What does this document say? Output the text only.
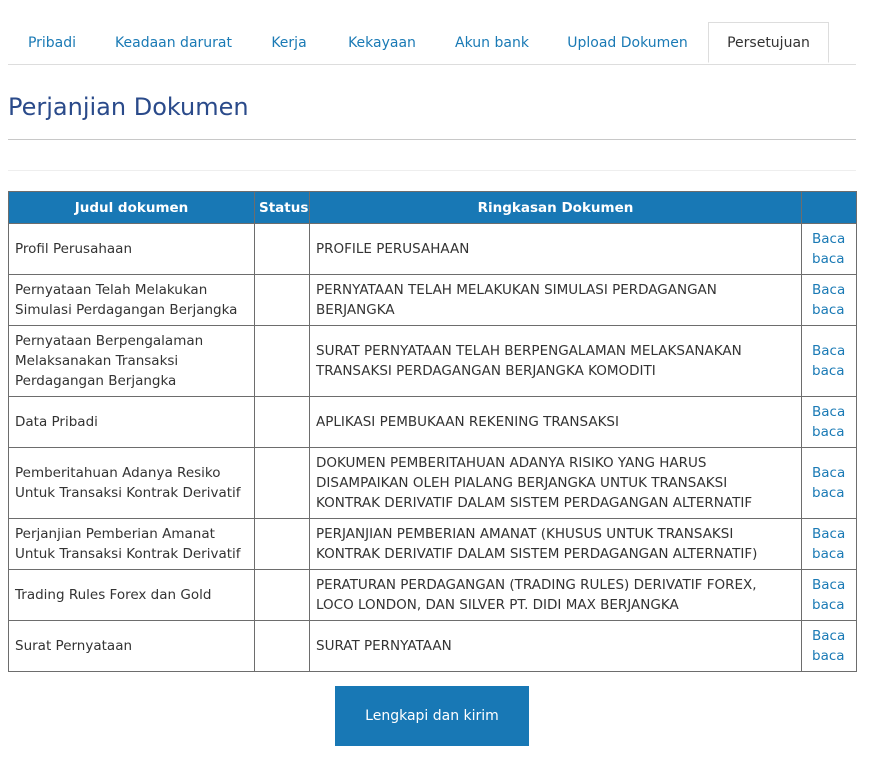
Pribadi	Keadaan darurat	Kerja	Kekayaan	Akun bank	Upload Dokumen	Persetujuan
Perjanjian Dokumen
Judul dokumen	Status	Ringkasan Dokumen	
Profil Perusahaan		PROFILE PERUSAHAAN	Baca
baca

Pernyataan Telah Melakukan Simulasi Perdagangan Berjangka		PERNYATAAN TELAH MELAKUKAN SIMULASI PERDAGANGAN BERJANGKA	Baca
baca

Pernyataan Berpengalaman Melaksanakan Transaksi Perdagangan Berjangka		SURAT PERNYATAAN TELAH BERPENGALAMAN MELAKSANAKAN TRANSAKSI PERDAGANGAN BERJANGKA KOMODITI	Baca
baca

Data Pribadi		APLIKASI PEMBUKAAN REKENING TRANSAKSI	Baca
baca

Pemberitahuan Adanya Resiko Untuk Transaksi Kontrak Derivatif		DOKUMEN PEMBERITAHUAN ADANYA RISIKO YANG HARUS DISAMPAIKAN OLEH PIALANG BERJANGKA UNTUK TRANSAKSI KONTRAK DERIVATIF DALAM SISTEM PERDAGANGAN ALTERNATIF	Baca
baca

Perjanjian Pemberian Amanat Untuk Transaksi Kontrak Derivatif		PERJANJIAN PEMBERIAN AMANAT (KHUSUS UNTUK TRANSAKSI KONTRAK DERIVATIF DALAM SISTEM PERDAGANGAN ALTERNATIF)	Baca
baca

Trading Rules Forex dan Gold		PERATURAN PERDAGANGAN (TRADING RULES) DERIVATIF FOREX, LOCO LONDON, DAN SILVER PT. DIDI MAX BERJANGKA	Baca
baca

Surat Pernyataan		SURAT PERNYATAAN	Baca
baca
Lengkapi dan kirim
